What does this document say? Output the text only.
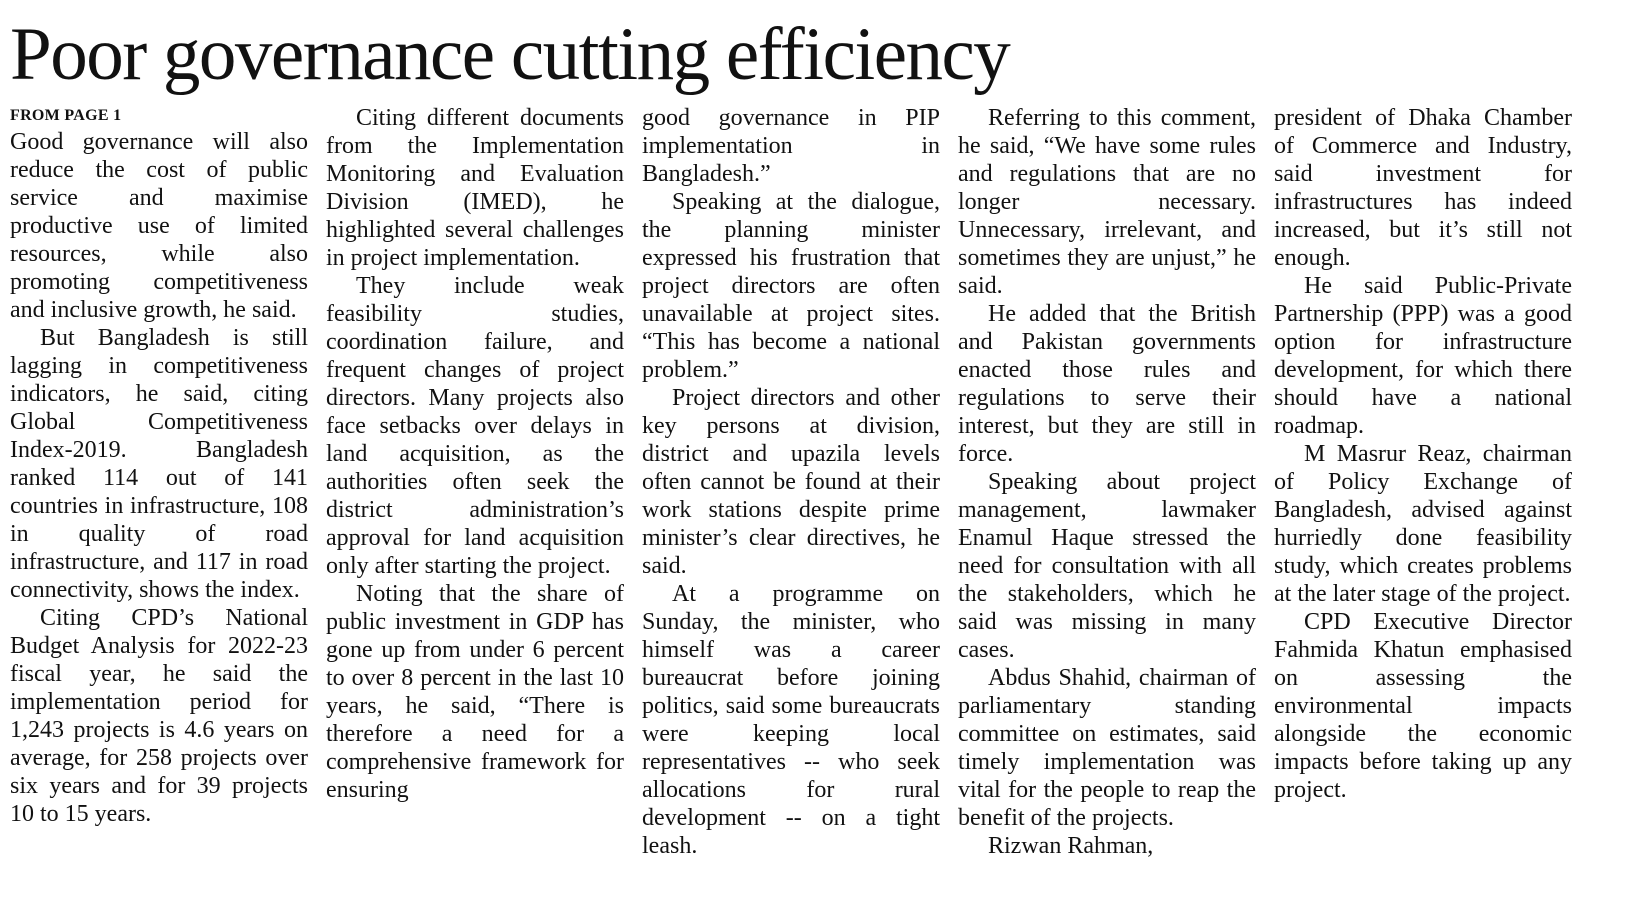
Poor governance cutting efficiency
FROM PAGE 1

Good governance will also reduce the cost of public service and maximise productive use of limited resources, while also promoting competitiveness and inclusive growth, he said.

But Bangladesh is still lagging in competitiveness indicators, he said, citing Global Competitiveness Index-2019. Bangladesh ranked 114 out of 141 countries in infrastructure, 108 in quality of road infrastructure, and 117 in road connectivity, shows the index.

Citing CPD’s National Budget Analysis for 2022-23 fiscal year, he said the implementation period for 1,243 projects is 4.6 years on average, for 258 projects over six years and for 39 projects 10 to 15 years.

Citing different documents from the Implementation Monitoring and Evaluation Division (IMED), he highlighted several challenges in project implementation.

They include weak feasibility studies, coordination failure, and frequent changes of project directors. Many projects also face setbacks over delays in land acquisition, as the authorities often seek the district administration’s approval for land acquisition only after starting the project.

Noting that the share of public investment in GDP has gone up from under 6 percent to over 8 percent in the last 10 years, he said, “There is therefore a need for a comprehensive framework for ensuring

good governance in PIP implementation in Bangladesh.”

Speaking at the dialogue, the planning minister expressed his frustration that project directors are often unavailable at project sites. “This has become a national problem.”

Project directors and other key persons at division, district and upazila levels often cannot be found at their work stations despite prime minister’s clear directives, he said.

At a programme on Sunday, the minister, who himself was a career bureaucrat before joining politics, said some bureaucrats were keeping local representatives -- who seek allocations for rural development -- on a tight leash.

Referring to this comment, he said, “We have some rules and regulations that are no longer necessary. Unnecessary, irrelevant, and sometimes they are unjust,” he said.

He added that the British and Pakistan governments enacted those rules and regulations to serve their interest, but they are still in force.

Speaking about project management, lawmaker Enamul Haque stressed the need for consultation with all the stakeholders, which he said was missing in many cases.

Abdus Shahid, chairman of parliamentary standing committee on estimates, said timely implementation was vital for the people to reap the benefit of the projects.

Rizwan Rahman,

president of Dhaka Chamber of Commerce and Industry, said investment for infrastructures has indeed increased, but it’s still not enough.

He said Public-Private Partnership (PPP) was a good option for infrastructure development, for which there should have a national roadmap.

M Masrur Reaz, chairman of Policy Exchange of Bangladesh, advised against hurriedly done feasibility study, which creates problems at the later stage of the project.

CPD Executive Director Fahmida Khatun emphasised on assessing the environmental impacts alongside the economic impacts before taking up any project.
